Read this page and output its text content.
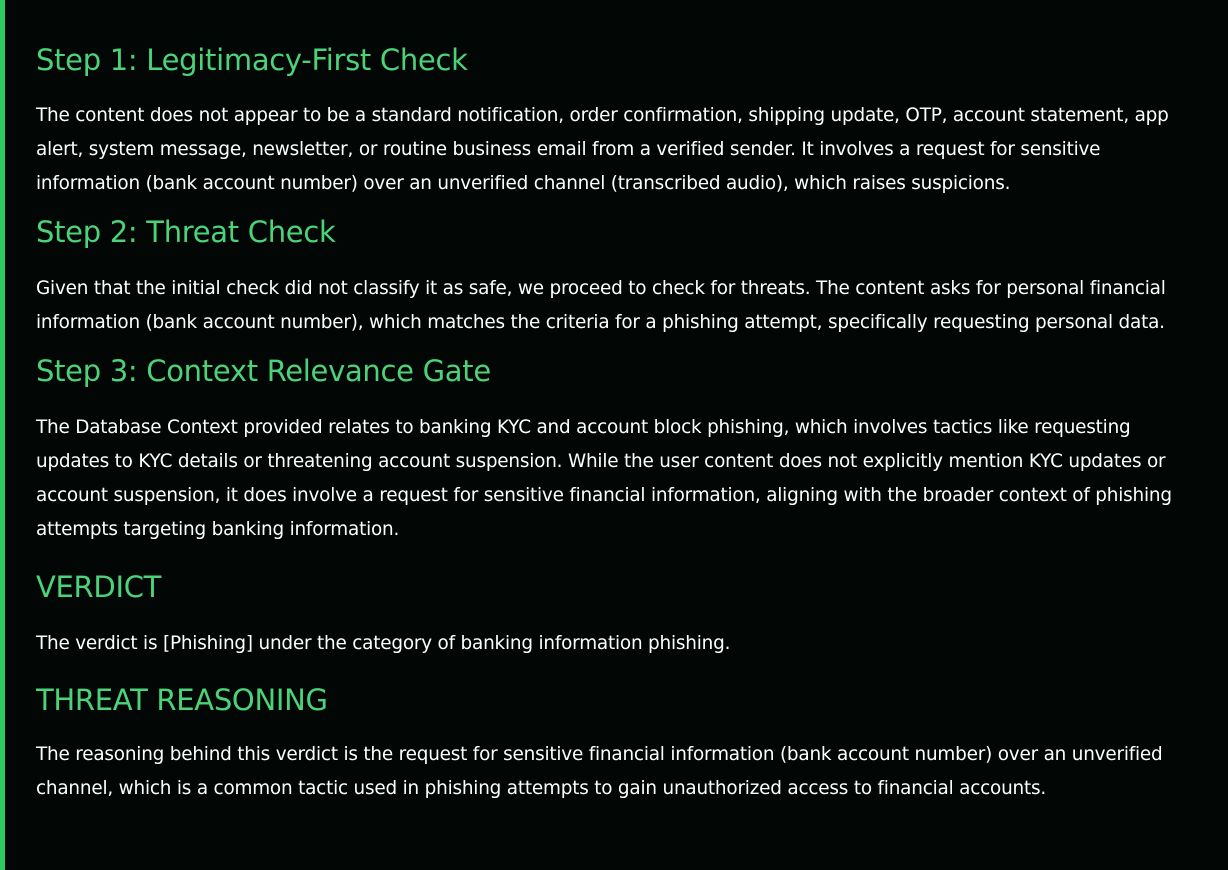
Step 1: Legitimacy-First Check

The content does not appear to be a standard notification, order confirmation, shipping update, OTP, account statement, app alert, system message, newsletter, or routine business email from a verified sender. It involves a request for sensitive information (bank account number) over an unverified channel (transcribed audio), which raises suspicions.

Step 2: Threat Check

Given that the initial check did not classify it as safe, we proceed to check for threats. The content asks for personal financial information (bank account number), which matches the criteria for a phishing attempt, specifically requesting personal data.

Step 3: Context Relevance Gate

The Database Context provided relates to banking KYC and account block phishing, which involves tactics like requesting updates to KYC details or threatening account suspension. While the user content does not explicitly mention KYC updates or account suspension, it does involve a request for sensitive financial information, aligning with the broader context of phishing attempts targeting banking information.

VERDICT

The verdict is [Phishing] under the category of banking information phishing.

THREAT REASONING

The reasoning behind this verdict is the request for sensitive financial information (bank account number) over an unverified channel, which is a common tactic used in phishing attempts to gain unauthorized access to financial accounts.
